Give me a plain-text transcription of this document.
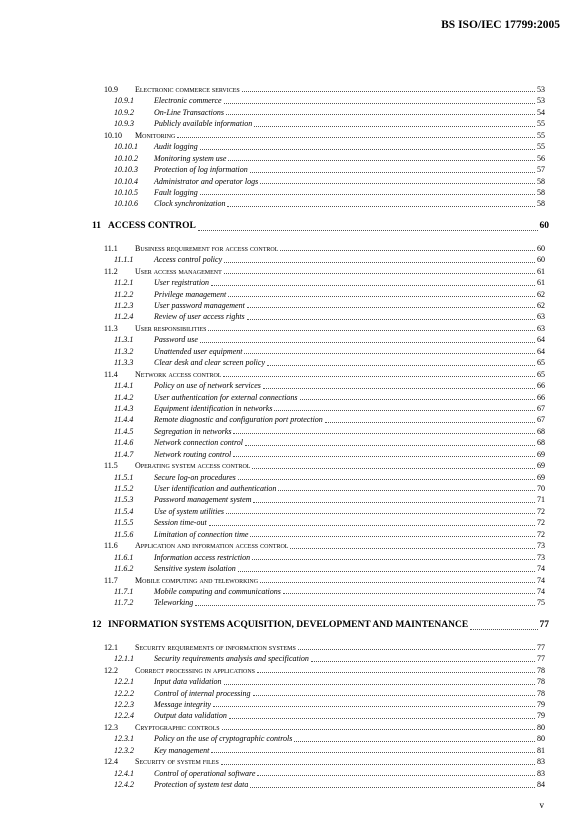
BS ISO/IEC 17799:2005
10.9 Electronic commerce services	53
10.9.1	Electronic commerce	53
10.9.2	On-Line Transactions	54
10.9.3	Publicly available information	55
10.10 Monitoring	55
10.10.1 Audit logging	55
10.10.2 Monitoring system use	56
10.10.3 Protection of log information	57
10.10.4 Administrator and operator logs	58
10.10.5 Fault logging	58
10.10.6 Clock synchronization	58
11 ACCESS CONTROL	60
11.1 Business requirement for access control	60
11.1.1	Access control policy	60
11.2 User access management	61
11.2.1	User registration	61
11.2.2	Privilege management	62
11.2.3	User password management	62
11.2.4	Review of user access rights	63
11.3 User responsibilities	63
11.3.1	Password use	64
11.3.2	Unattended user equipment	64
11.3.3	Clear desk and clear screen policy	65
11.4 Network access control	65
11.4.1	Policy on use of network services	66
11.4.2	User authentication for external connections	66
11.4.3	Equipment identification in networks	67
11.4.4	Remote diagnostic and configuration port protection	67
11.4.5	Segregation in networks	68
11.4.6	Network connection control	68
11.4.7	Network routing control	69
11.5 Operating system access control	69
11.5.1	Secure log-on procedures	69
11.5.2	User identification and authentication	70
11.5.3	Password management system	71
11.5.4	Use of system utilities	72
11.5.5	Session time-out	72
11.5.6	Limitation of connection time	72
11.6 Application and information access control	73
11.6.1	Information access restriction	73
11.6.2	Sensitive system isolation	74
11.7 Mobile computing and teleworking	74
11.7.1	Mobile computing and communications	74
11.7.2	Teleworking	75
12 INFORMATION SYSTEMS ACQUISITION, DEVELOPMENT AND MAINTENANCE	77
12.1 Security requirements of information systems	77
12.1.1	Security requirements analysis and specification	77
12.2 Correct processing in applications	78
12.2.1	Input data validation	78
12.2.2	Control of internal processing	78
12.2.3	Message integrity	79
12.2.4	Output data validation	79
12.3 Cryptographic controls	80
12.3.1	Policy on the use of cryptographic controls	80
12.3.2	Key management	81
12.4 Security of system files	83
12.4.1	Control of operational software	83
12.4.2	Protection of system test data	84
v
